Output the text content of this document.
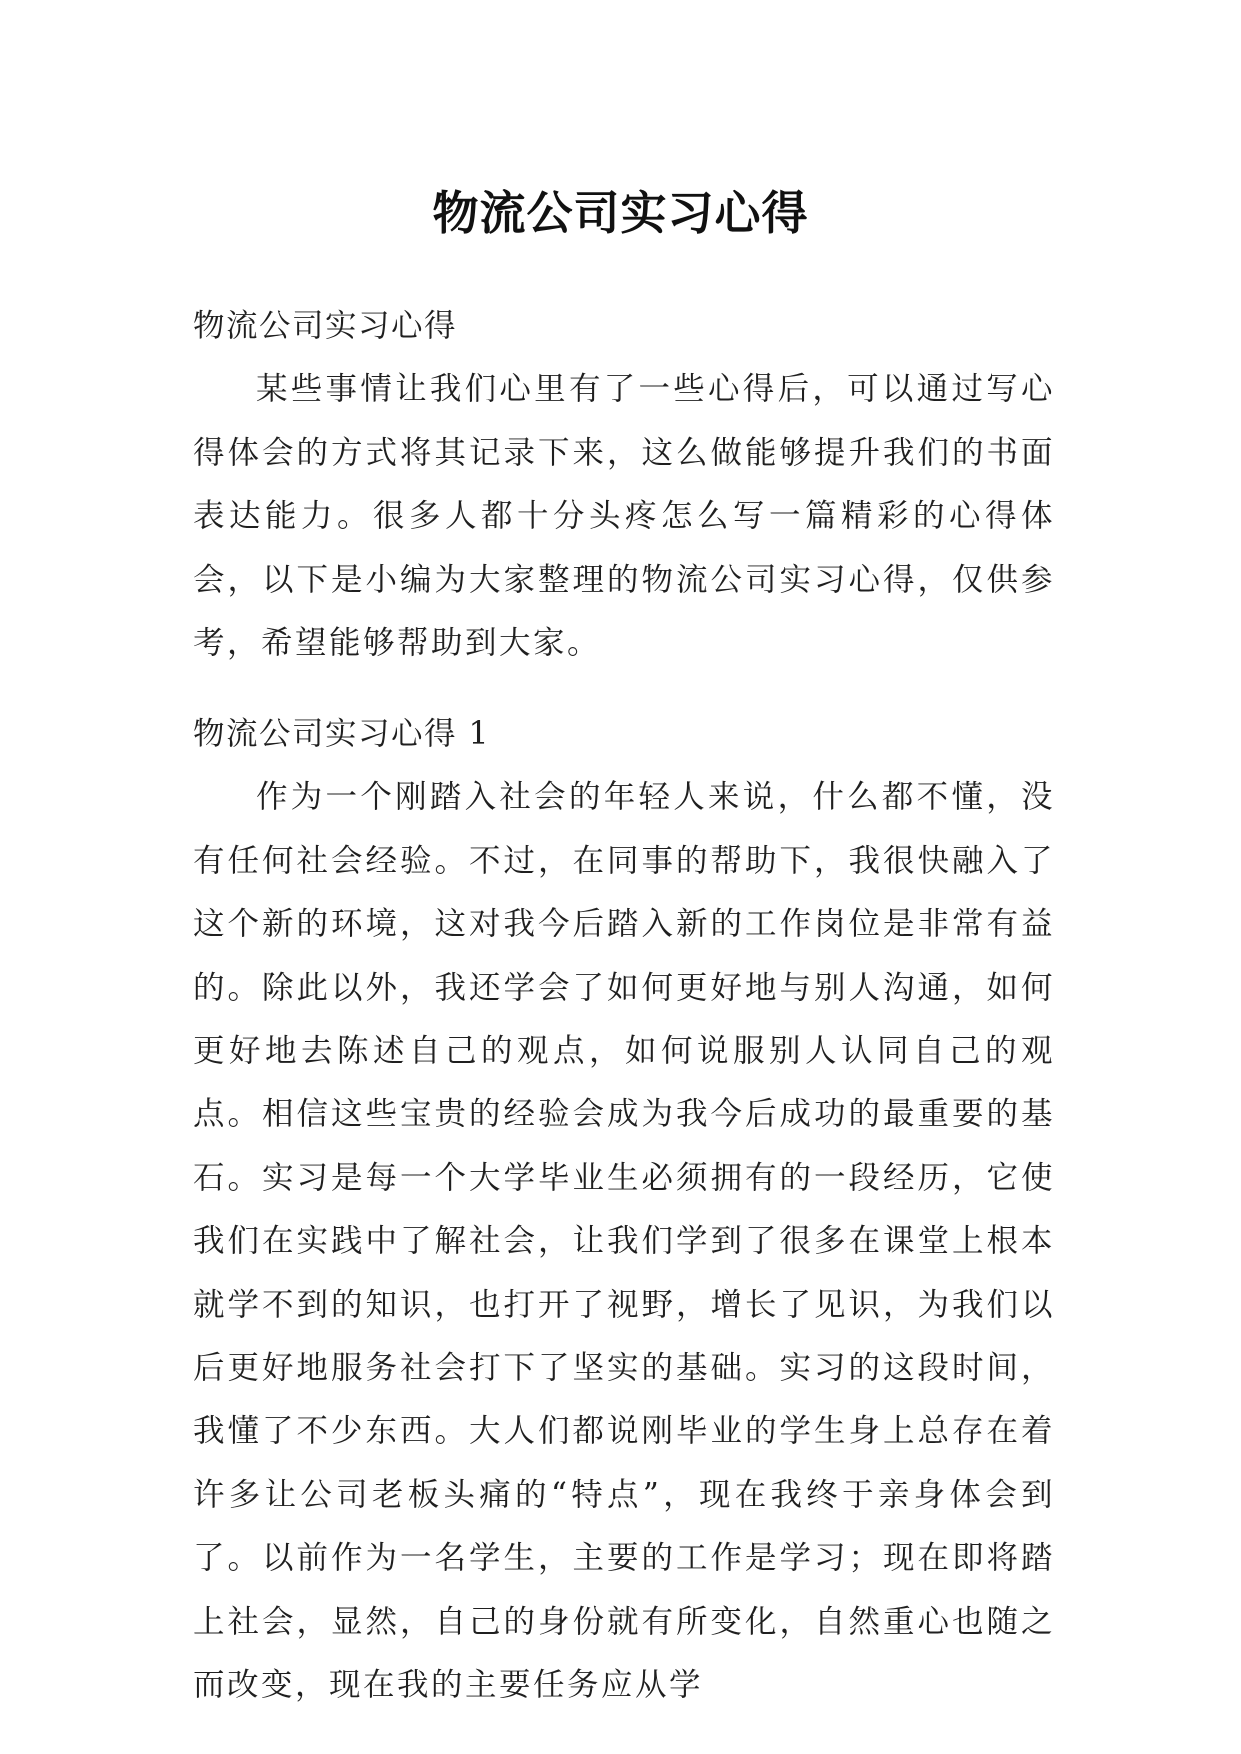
物流公司实习心得

物流公司实习心得

某些事情让我们心里有了一些心得后，可以通过写心得体会的方式将其记录下来，这么做能够提升我们的书面表达能力。很多人都十分头疼怎么写一篇精彩的心得体会，以下是小编为大家整理的物流公司实习心得，仅供参考，希望能够帮助到大家。

物流公司实习心得 1

作为一个刚踏入社会的年轻人来说，什么都不懂，没有任何社会经验。不过，在同事的帮助下，我很快融入了这个新的环境，这对我今后踏入新的工作岗位是非常有益的。除此以外，我还学会了如何更好地与别人沟通，如何更好地去陈述自己的观点，如何说服别人认同自己的观点。相信这些宝贵的经验会成为我今后成功的最重要的基石。实习是每一个大学毕业生必须拥有的一段经历，它使我们在实践中了解社会，让我们学到了很多在课堂上根本就学不到的知识，也打开了视野，增长了见识，为我们以后更好地服务社会打下了坚实的基础。实习的这段时间，我懂了不少东西。大人们都说刚毕业的学生身上总存在着许多让公司老板头痛的“特点”，现在我终于亲身体会到了。以前作为一名学生，主要的工作是学习；现在即将踏上社会，显然，自己的身份就有所变化，自然重心也随之而改变，现在我的主要任务应从学
